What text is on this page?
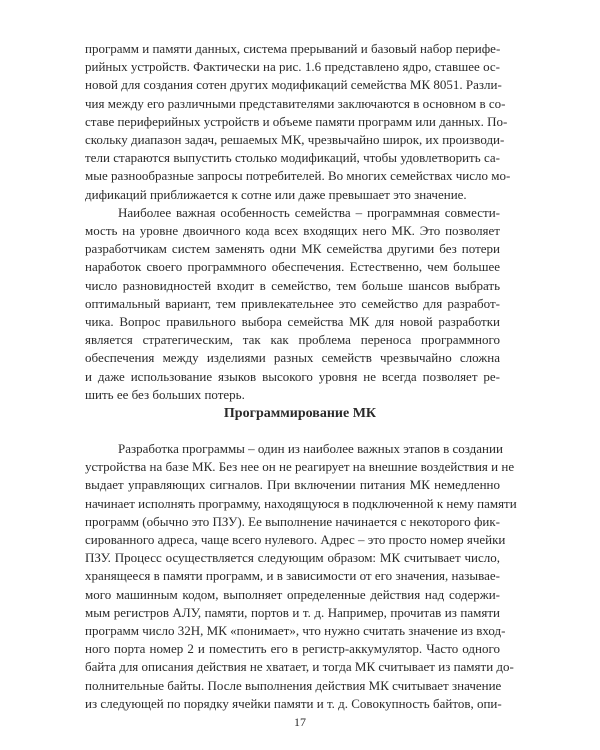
программ и памяти данных, система прерываний и базовый набор перифе-
рийных устройств. Фактически на рис. 1.6 представлено ядро, ставшее ос-
новой для создания сотен других модификаций семейства МК 8051. Разли-
чия между его различными представителями заключаются в основном в со-
ставе периферийных устройств и объеме памяти программ или данных. По-
скольку диапазон задач, решаемых МК, чрезвычайно широк, их производи-
тели стараются выпустить столько модификаций, чтобы удовлетворить са-
мые разнообразные запросы потребителей. Во многих семействах число мо-
дификаций приближается к сотне или даже превышает это значение.
Наиболее важная особенность семейства – программная совмести-
мость на уровне двоичного кода всех входящих него МК. Это позволяет
разработчикам систем заменять одни МК семейства другими без потери
наработок своего программного обеспечения. Естественно, чем большее
число разновидностей входит в семейство, тем больше шансов выбрать
оптимальный вариант, тем привлекательнее это семейство для разработ-
чика. Вопрос правильного выбора семейства МК для новой разработки
является стратегическим, так как проблема переноса программного
обеспечения между изделиями разных семейств чрезвычайно сложна
и даже использование языков высокого уровня не всегда позволяет ре-
шить ее без больших потерь.
Программирование МК
Разработка программы – один из наиболее важных этапов в создании
устройства на базе МК. Без нее он не реагирует на внешние воздействия и не
выдает управляющих сигналов. При включении питания МК немедленно
начинает исполнять программу, находящуюся в подключенной к нему памяти
программ (обычно это ПЗУ). Ее выполнение начинается с некоторого фик-
сированного адреса, чаще всего нулевого. Адрес – это просто номер ячейки
ПЗУ. Процесс осуществляется следующим образом: МК считывает число,
хранящееся в памяти программ, и в зависимости от его значения, называе-
мого машинным кодом, выполняет определенные действия над содержи-
мым регистров АЛУ, памяти, портов и т. д. Например, прочитав из памяти
программ число 32Н, МК «понимает», что нужно считать значение из вход-
ного порта номер 2 и поместить его в регистр-аккумулятор. Часто одного
байта для описания действия не хватает, и тогда МК считывает из памяти до-
полнительные байты. После выполнения действия МК считывает значение
из следующей по порядку ячейки памяти и т. д. Совокупность байтов, опи-
17
